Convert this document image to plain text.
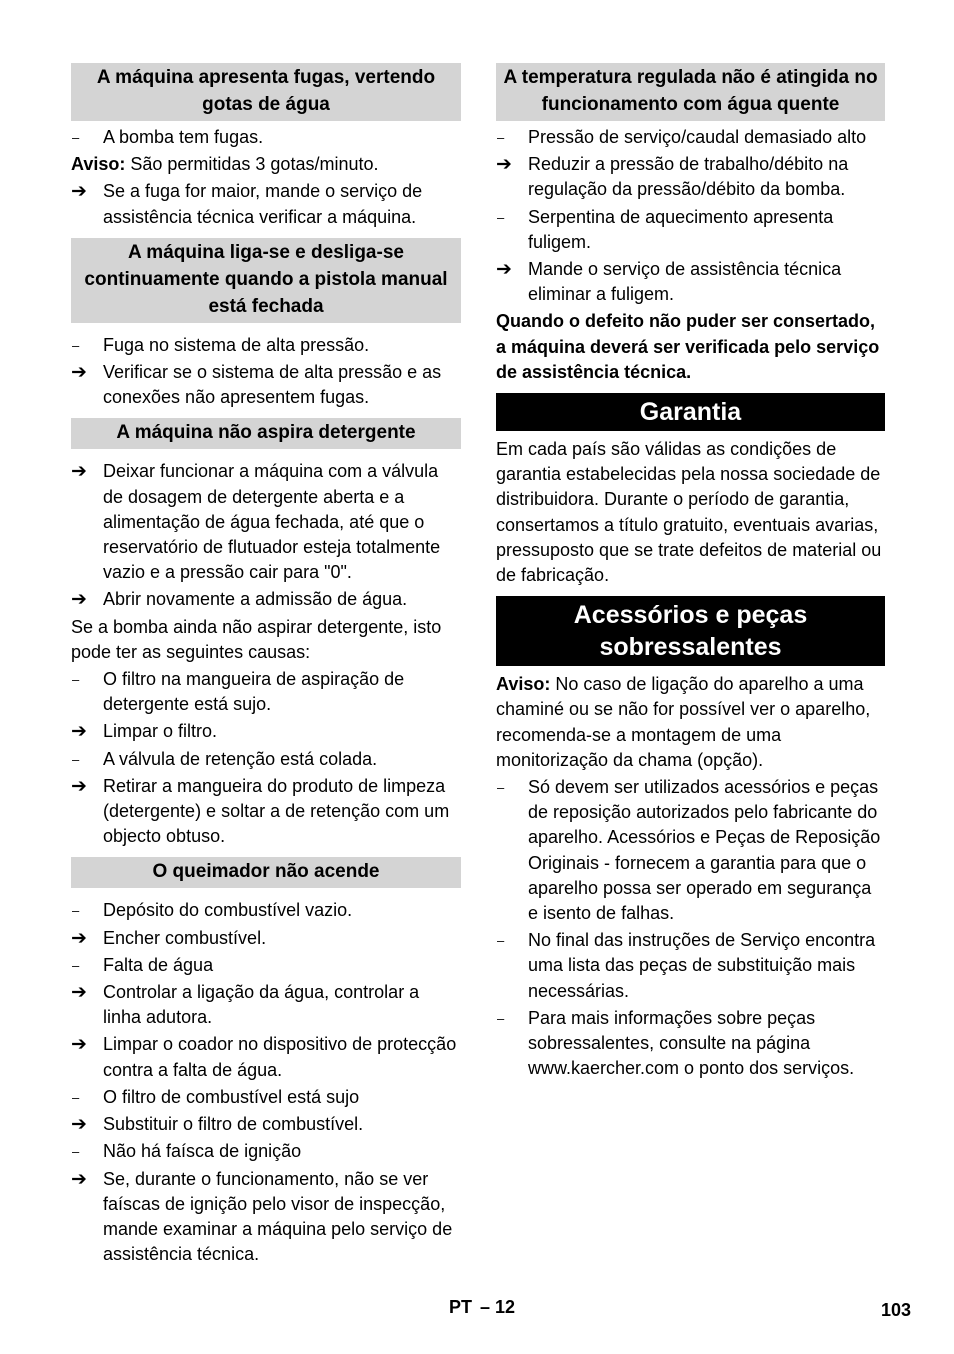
A máquina apresenta fugas, vertendo gotas de água
–	A bomba tem fugas.
Aviso: São permitidas 3 gotas/minuto.
➔ Se a fuga for maior, mande o serviço de assistência técnica verificar a máquina.
A máquina liga-se e desliga-se continuamente quando a pistola manual está fechada
–	Fuga no sistema de alta pressão.
➔ Verificar se o sistema de alta pressão e as conexões não apresentem fugas.
A máquina não aspira detergente
➔ Deixar funcionar a máquina com a válvula de dosagem de detergente aberta e a alimentação de água fechada, até que o reservatório de flutuador esteja totalmente vazio e a pressão cair para "0".
➔ Abrir novamente a admissão de água.
Se a bomba ainda não aspirar detergente, isto pode ter as seguintes causas:
–	O filtro na mangueira de aspiração de detergente está sujo.
➔ Limpar o filtro.
–	A válvula de retenção está colada.
➔ Retirar a mangueira do produto de limpeza (detergente) e soltar a de retenção com um objecto obtuso.
O queimador não acende
–	Depósito do combustível vazio.
➔ Encher combustível.
–	Falta de água
➔ Controlar a ligação da água, controlar a linha adutora.
➔ Limpar o coador no dispositivo de protecção contra a falta de água.
–	O filtro de combustível está sujo
➔ Substituir o filtro de combustível.
–	Não há faísca de ignição
➔ Se, durante o funcionamento, não se ver faíscas de ignição pelo visor de inspecção, mande examinar a máquina pelo serviço de assistência técnica.
A temperatura regulada não é atingida no funcionamento com água quente
–	Pressão de serviço/caudal demasiado alto
➔ Reduzir a pressão de trabalho/débito na regulação da pressão/débito da bomba.
–	Serpentina de aquecimento apresenta fuligem.
➔ Mande o serviço de assistência técnica eliminar a fuligem.
Quando o defeito não puder ser consertado, a máquina deverá ser verificada pelo serviço de assistência técnica.
Garantia
Em cada país são válidas as condições de garantia estabelecidas pela nossa sociedade de distribuidora. Durante o período de garantia, consertamos a título gratuito, eventuais avarias, pressuposto que se trate defeitos de material ou de fabricação.
Acessórios e peças sobressalentes
Aviso: No caso de ligação do aparelho a uma chaminé ou se não for possível ver o aparelho, recomenda-se a montagem de uma monitorização da chama (opção).
–	Só devem ser utilizados acessórios e peças de reposição autorizados pelo fabricante do aparelho. Acessórios e Peças de Reposição Originais - fornecem a garantia para que o aparelho possa ser operado em segurança e isento de falhas.
–	No final das instruções de Serviço encontra uma lista das peças de substituição mais necessárias.
–	Para mais informações sobre peças sobressalentes, consulte na página www.kaercher.com o ponto dos serviços.
PT – 12	103
